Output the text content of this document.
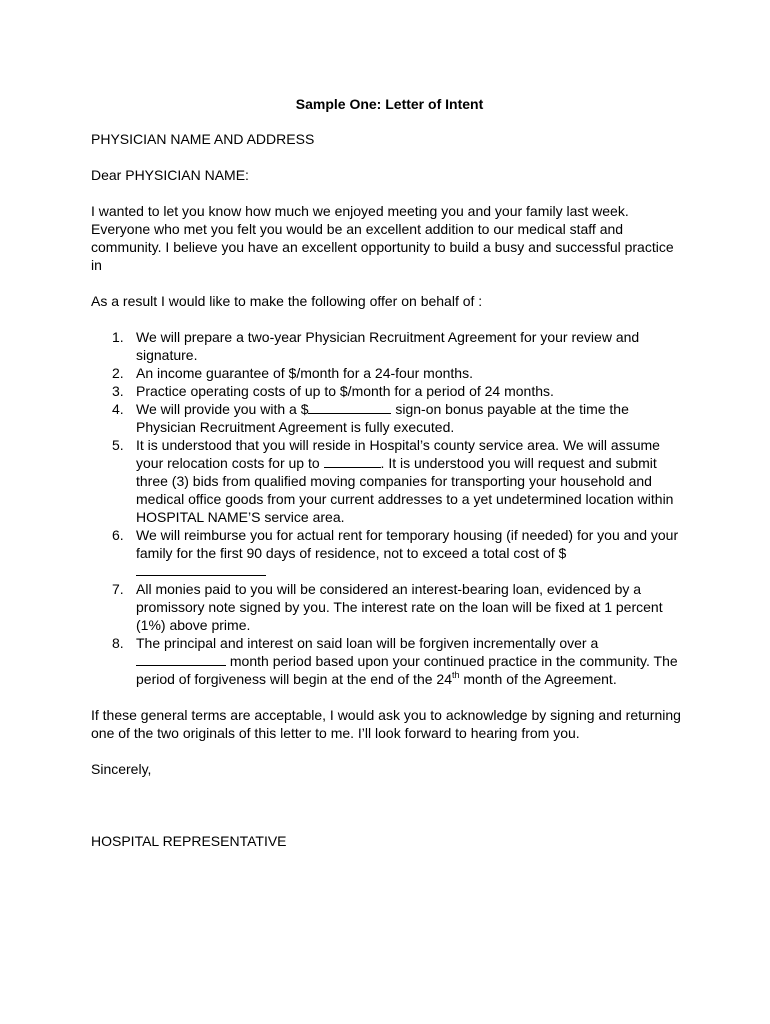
Sample One: Letter of Intent

PHYSICIAN NAME AND ADDRESS

Dear PHYSICIAN NAME:

I wanted to let you know how much we enjoyed meeting you and your family last week. Everyone who met you felt you would be an excellent addition to our medical staff and community. I believe you have an excellent opportunity to build a busy and successful practice in

As a result I would like to make the following offer on behalf of :

1. We will prepare a two-year Physician Recruitment Agreement for your review and signature.
2. An income guarantee of $/month for a 24-four months.
3. Practice operating costs of up to $/month for a period of 24 months.
4. We will provide you with a $	sign-on bonus payable at the time the Physician Recruitment Agreement is fully executed.
5. It is understood that you will reside in Hospital’s county service area. We will assume your relocation costs for up to	. It is understood you will request and submit three (3) bids from qualified moving companies for transporting your household and medical office goods from your current addresses to a yet undetermined location within HOSPITAL NAME’S service area.
6. We will reimburse you for actual rent for temporary housing (if needed) for you and your family for the first 90 days of residence, not to exceed a total cost of $
7. All monies paid to you will be considered an interest-bearing loan, evidenced by a promissory note signed by you. The interest rate on the loan will be fixed at 1 percent (1%) above prime.
8. The principal and interest on said loan will be forgiven incrementally over a  month period based upon your continued practice in the community. The period of forgiveness will begin at the end of the 24th month of the Agreement.

If these general terms are acceptable, I would ask you to acknowledge by signing and returning one of the two originals of this letter to me. I’ll look forward to hearing from you.

Sincerely,

HOSPITAL REPRESENTATIVE
